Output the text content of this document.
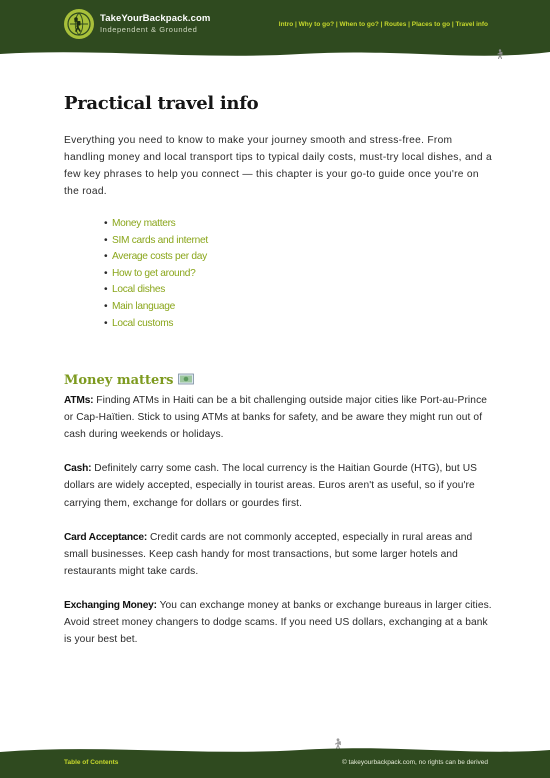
TakeYourBackpack.com
Independent & Grounded
Intro | Why to go? | When to go? | Routes | Places to go | Travel info
Practical travel info

Everything you need to know to make your journey smooth and stress-free. From handling money and local transport tips to typical daily costs, must-try local dishes, and a few key phrases to help you connect — this chapter is your go-to guide once you're on the road.

• Money matters
• SIM cards and internet
• Average costs per day
• How to get around?
• Local dishes
• Main language
• Local customs
Money matters

ATMs: Finding ATMs in Haiti can be a bit challenging outside major cities like Port-au-Prince or Cap-Haïtien. Stick to using ATMs at banks for safety, and be aware they might run out of cash during weekends or holidays.

Cash: Definitely carry some cash. The local currency is the Haitian Gourde (HTG), but US dollars are widely accepted, especially in tourist areas. Euros aren't as useful, so if you're carrying them, exchange for dollars or gourdes first.

Card Acceptance: Credit cards are not commonly accepted, especially in rural areas and small businesses. Keep cash handy for most transactions, but some larger hotels and restaurants might take cards.

Exchanging Money: You can exchange money at banks or exchange bureaus in larger cities. Avoid street money changers to dodge scams. If you need US dollars, exchanging at a bank is your best bet.

Table of Contents	© takeyourbackpack.com, no rights can be derived
